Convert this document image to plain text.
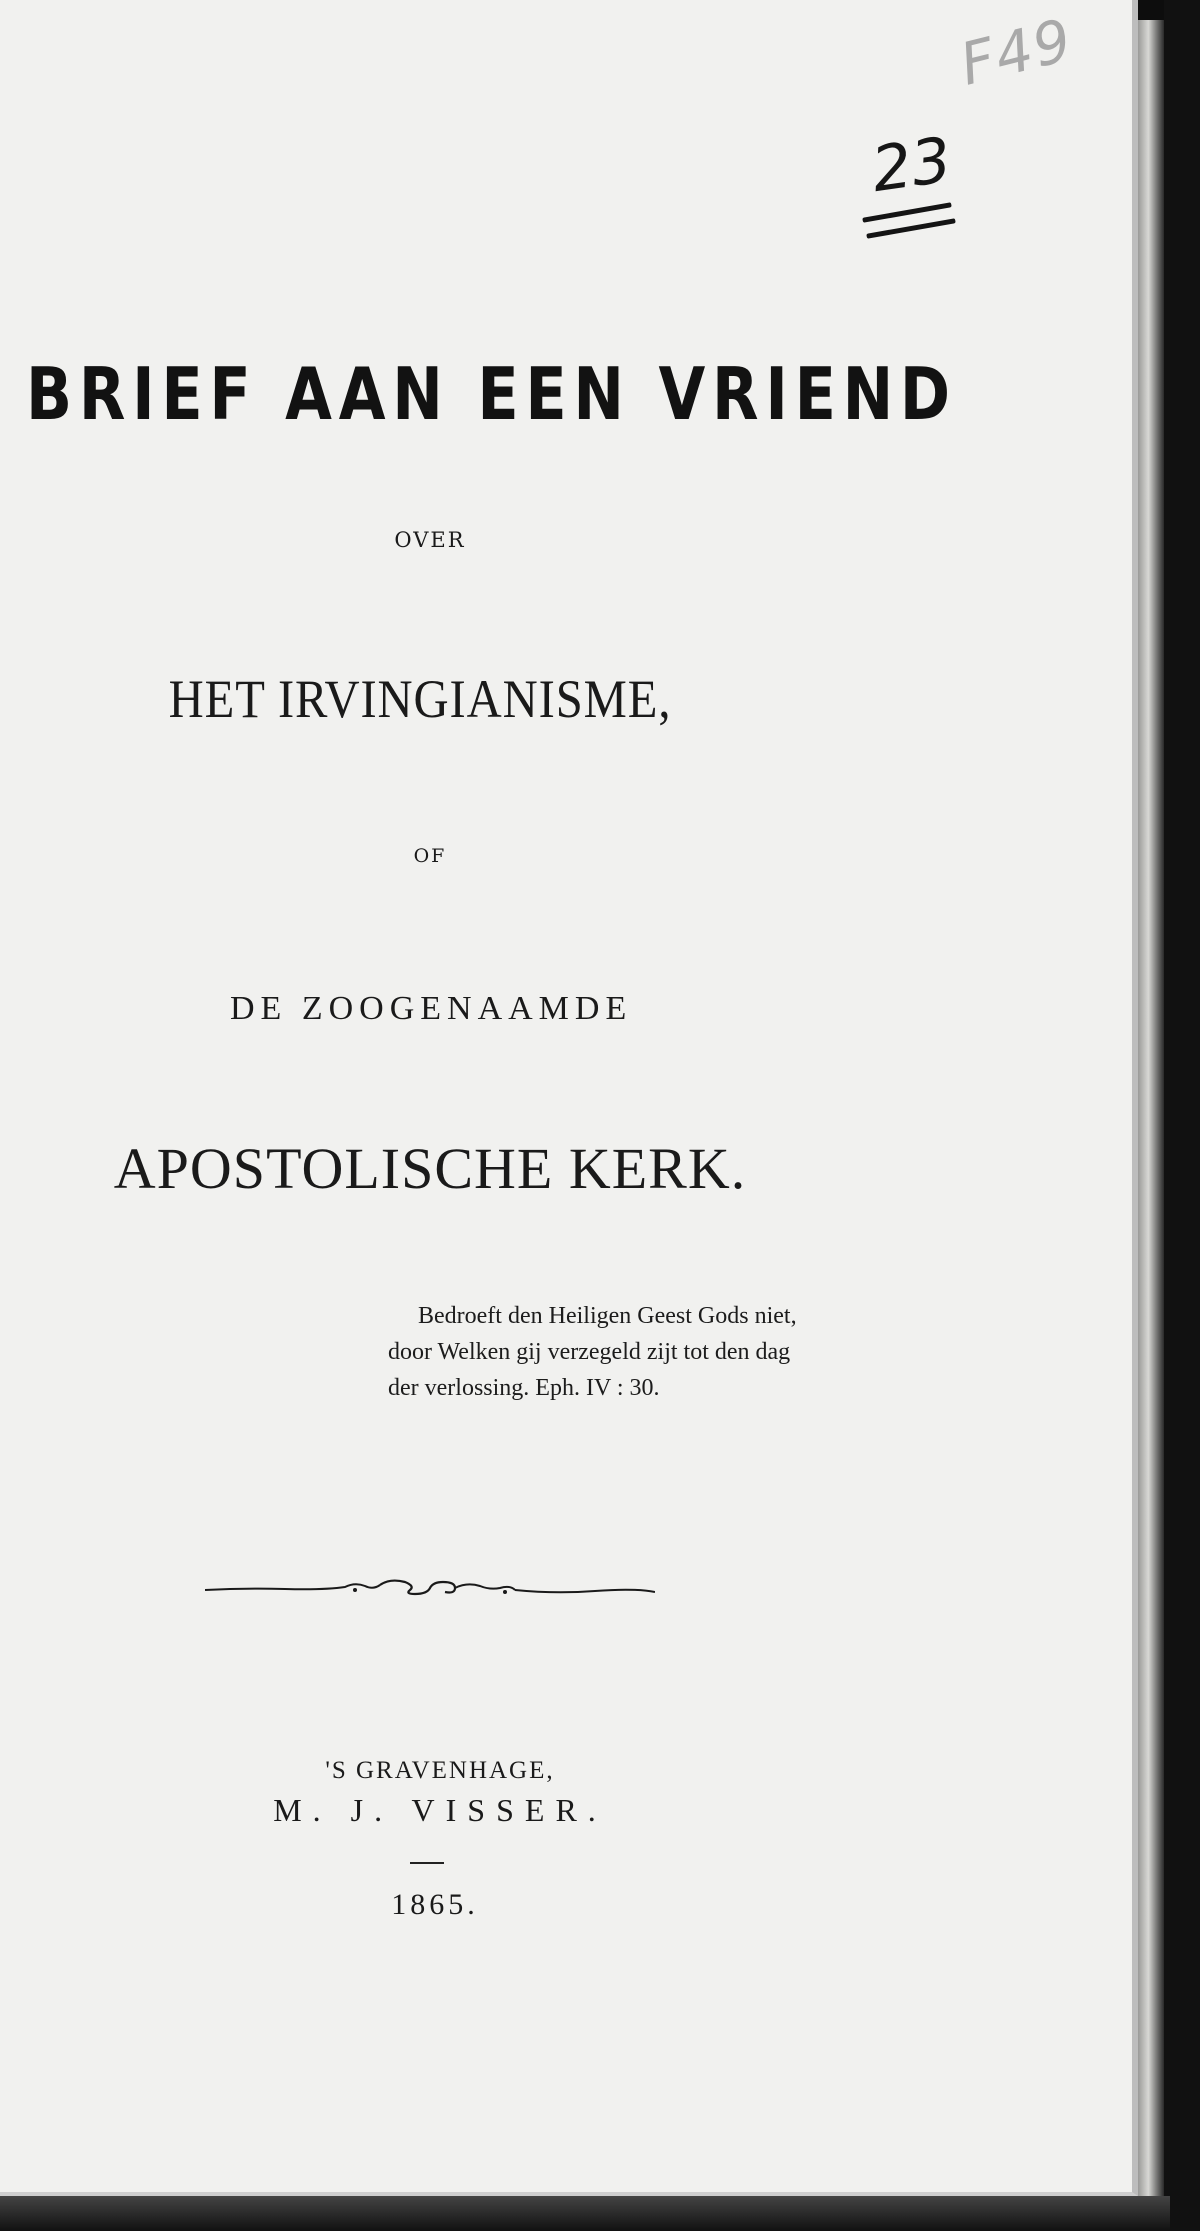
F49
23

BRIEF AAN EEN VRIEND
OVER
HET IRVINGIANISME,
OF
DE ZOOGENAAMDE
APOSTOLISCHE KERK.
Bedroeft den Heiligen Geest Gods niet,
door Welken gij verzegeld zijt tot den dag
der verlossing. Eph. IV : 30.
'S GRAVENHAGE,
M. J. VISSER.
1865.
